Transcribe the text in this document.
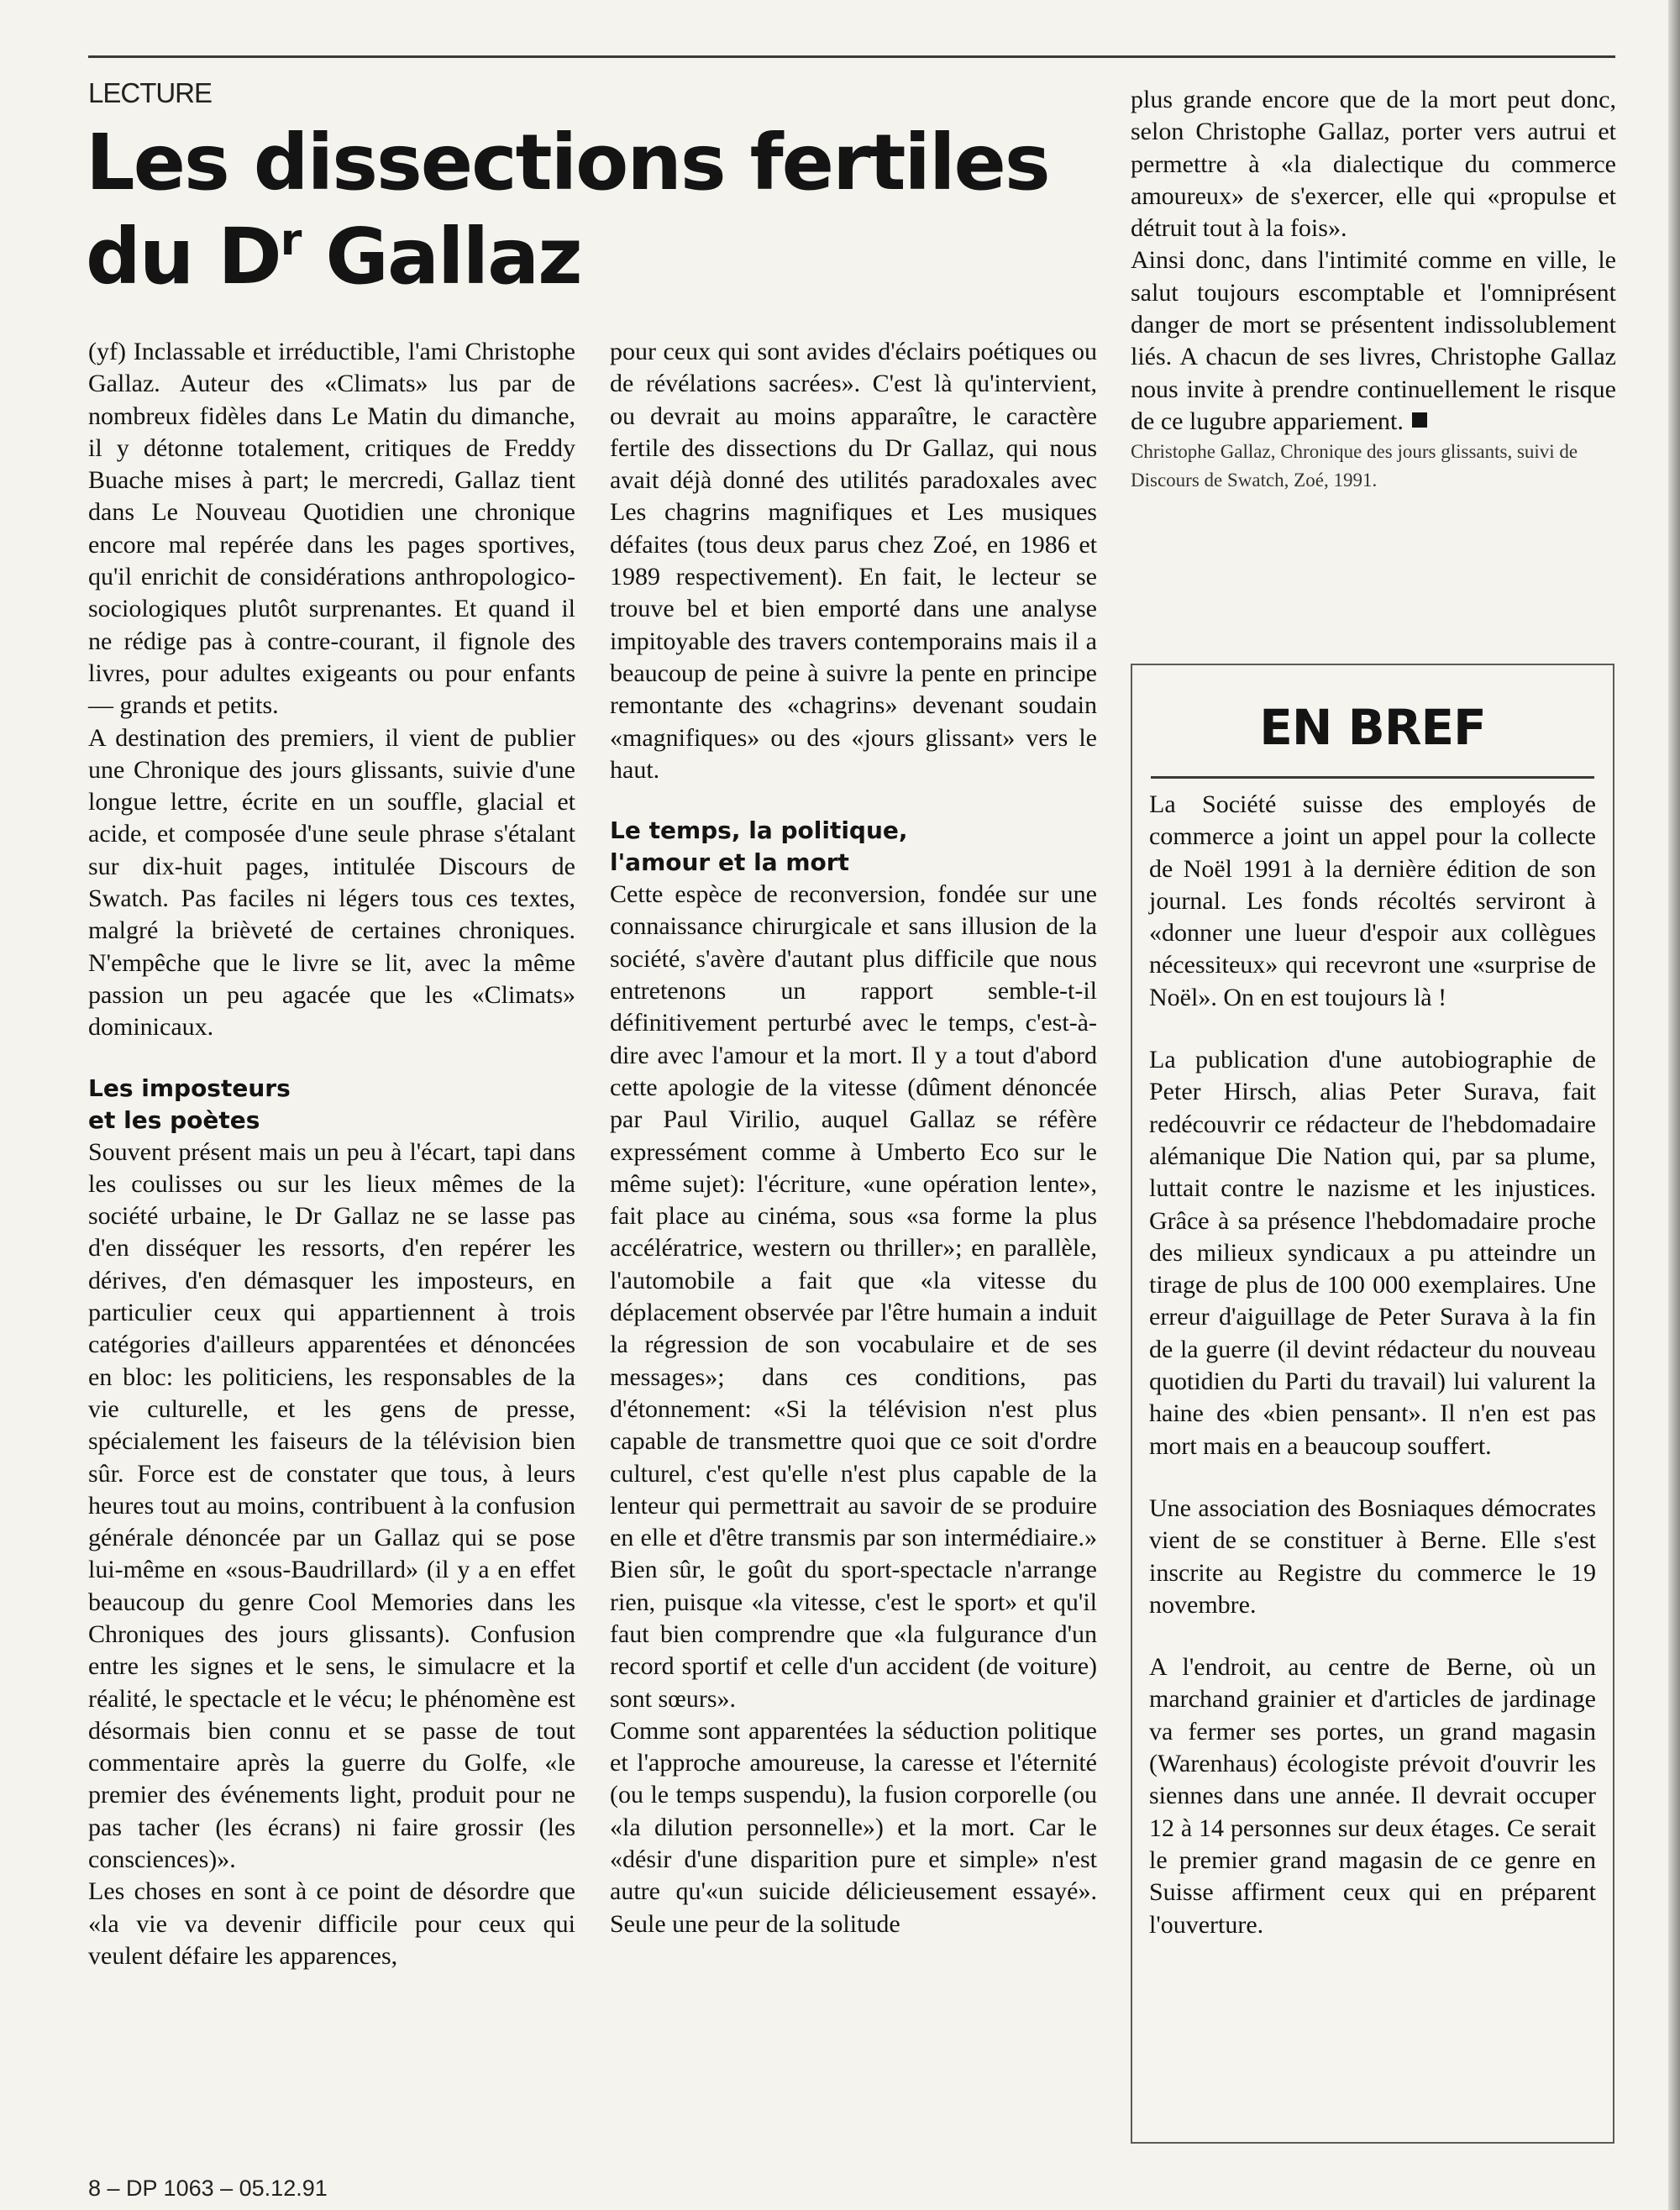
LECTURE
Les dissections fertiles
du $D^r$ Gallaz

(yf) Inclassable et irréductible, l'ami Christophe Gallaz. Auteur des «Climats» lus par de nombreux fidèles dans Le Matin du dimanche, il y détonne totalement, critiques de Freddy Buache mises à part; le mercredi, Gallaz tient dans Le Nouveau Quotidien une chronique encore mal repérée dans les pages sportives, qu'il enrichit de considérations anthropologico-sociologiques plutôt surprenantes. Et quand il ne rédige pas à contre-courant, il fignole des livres, pour adultes exigeants ou pour enfants — grands et petits.

A destination des premiers, il vient de publier une Chronique des jours glissants, suivie d'une longue lettre, écrite en un souffle, glacial et acide, et composée d'une seule phrase s'étalant sur dix-huit pages, intitulée Discours de Swatch. Pas faciles ni légers tous ces textes, malgré la brièveté de certaines chroniques. N'empêche que le livre se lit, avec la même passion un peu agacée que les «Climats» dominicaux.

Les imposteurs
et les poètes

Souvent présent mais un peu à l'écart, tapi dans les coulisses ou sur les lieux mêmes de la société urbaine, le Dr Gallaz ne se lasse pas d'en disséquer les ressorts, d'en repérer les dérives, d'en démasquer les imposteurs, en particulier ceux qui appartiennent à trois catégories d'ailleurs apparentées et dénoncées en bloc: les politiciens, les responsables de la vie culturelle, et les gens de presse, spécialement les faiseurs de la télévision bien sûr. Force est de constater que tous, à leurs heures tout au moins, contribuent à la confusion générale dénoncée par un Gallaz qui se pose lui-même en «sous-Baudrillard» (il y a en effet beaucoup du genre Cool Memories dans les Chroniques des jours glissants). Confusion entre les signes et le sens, le simulacre et la réalité, le spectacle et le vécu; le phénomène est désormais bien connu et se passe de tout commentaire après la guerre du Golfe, «le premier des événements light, produit pour ne pas tacher (les écrans) ni faire grossir (les consciences)».

Les choses en sont à ce point de désordre que «la vie va devenir difficile pour ceux qui veulent défaire les apparences,

pour ceux qui sont avides d'éclairs poétiques ou de révélations sacrées». C'est là qu'intervient, ou devrait au moins apparaître, le caractère fertile des dissections du Dr Gallaz, qui nous avait déjà donné des utilités paradoxales avec Les chagrins magnifiques et Les musiques défaites (tous deux parus chez Zoé, en 1986 et 1989 respectivement). En fait, le lecteur se trouve bel et bien emporté dans une analyse impitoyable des travers contemporains mais il a beaucoup de peine à suivre la pente en principe remontante des «chagrins» devenant soudain «magnifiques» ou des «jours glissant» vers le haut.

Le temps, la politique,
l'amour et la mort

Cette espèce de reconversion, fondée sur une connaissance chirurgicale et sans illusion de la société, s'avère d'autant plus difficile que nous entretenons un rapport semble-t-il définitivement perturbé avec le temps, c'est-à-dire avec l'amour et la mort. Il y a tout d'abord cette apologie de la vitesse (dûment dénoncée par Paul Virilio, auquel Gallaz se réfère expressément comme à Umberto Eco sur le même sujet): l'écriture, «une opération lente», fait place au cinéma, sous «sa forme la plus accélératrice, western ou thriller»; en parallèle, l'automobile a fait que «la vitesse du déplacement observée par l'être humain a induit la régression de son vocabulaire et de ses messages»; dans ces conditions, pas d'étonnement: «Si la télévision n'est plus capable de transmettre quoi que ce soit d'ordre culturel, c'est qu'elle n'est plus capable de la lenteur qui permettrait au savoir de se produire en elle et d'être transmis par son intermédiaire.» Bien sûr, le goût du sport-spectacle n'arrange rien, puisque «la vitesse, c'est le sport» et qu'il faut bien comprendre que «la fulgurance d'un record sportif et celle d'un accident (de voiture) sont sœurs».

Comme sont apparentées la séduction politique et l'approche amoureuse, la caresse et l'éternité (ou le temps suspendu), la fusion corporelle (ou «la dilution personnelle») et la mort. Car le «désir d'une disparition pure et simple» n'est autre qu'«un suicide délicieusement essayé». Seule une peur de la solitude

plus grande encore que de la mort peut donc, selon Christophe Gallaz, porter vers autrui et permettre à «la dialectique du commerce amoureux» de s'exercer, elle qui «propulse et détruit tout à la fois».

Ainsi donc, dans l'intimité comme en ville, le salut toujours escomptable et l'omniprésent danger de mort se présentent indissolublement liés. A chacun de ses livres, Christophe Gallaz nous invite à prendre continuellement le risque de ce lugubre appariement.

Christophe Gallaz, Chronique des jours glissants, suivi de Discours de Swatch, Zoé, 1991.

EN BREF

La Société suisse des employés de commerce a joint un appel pour la collecte de Noël 1991 à la dernière édition de son journal. Les fonds récoltés serviront à «donner une lueur d'espoir aux collègues nécessiteux» qui recevront une «surprise de Noël». On en est toujours là !

La publication d'une autobiographie de Peter Hirsch, alias Peter Surava, fait redécouvrir ce rédacteur de l'hebdomadaire alémanique Die Nation qui, par sa plume, luttait contre le nazisme et les injustices. Grâce à sa présence l'hebdomadaire proche des milieux syndicaux a pu atteindre un tirage de plus de 100 000 exemplaires. Une erreur d'aiguillage de Peter Surava à la fin de la guerre (il devint rédacteur du nouveau quotidien du Parti du travail) lui valurent la haine des «bien pensant». Il n'en est pas mort mais en a beaucoup souffert.

Une association des Bosniaques démocrates vient de se constituer à Berne. Elle s'est inscrite au Registre du commerce le 19 novembre.

A l'endroit, au centre de Berne, où un marchand grainier et d'articles de jardinage va fermer ses portes, un grand magasin (Warenhaus) écologiste prévoit d'ouvrir les siennes dans une année. Il devrait occuper 12 à 14 personnes sur deux étages. Ce serait le premier grand magasin de ce genre en Suisse affirment ceux qui en préparent l'ouverture.

8 – DP 1063 – 05.12.91
